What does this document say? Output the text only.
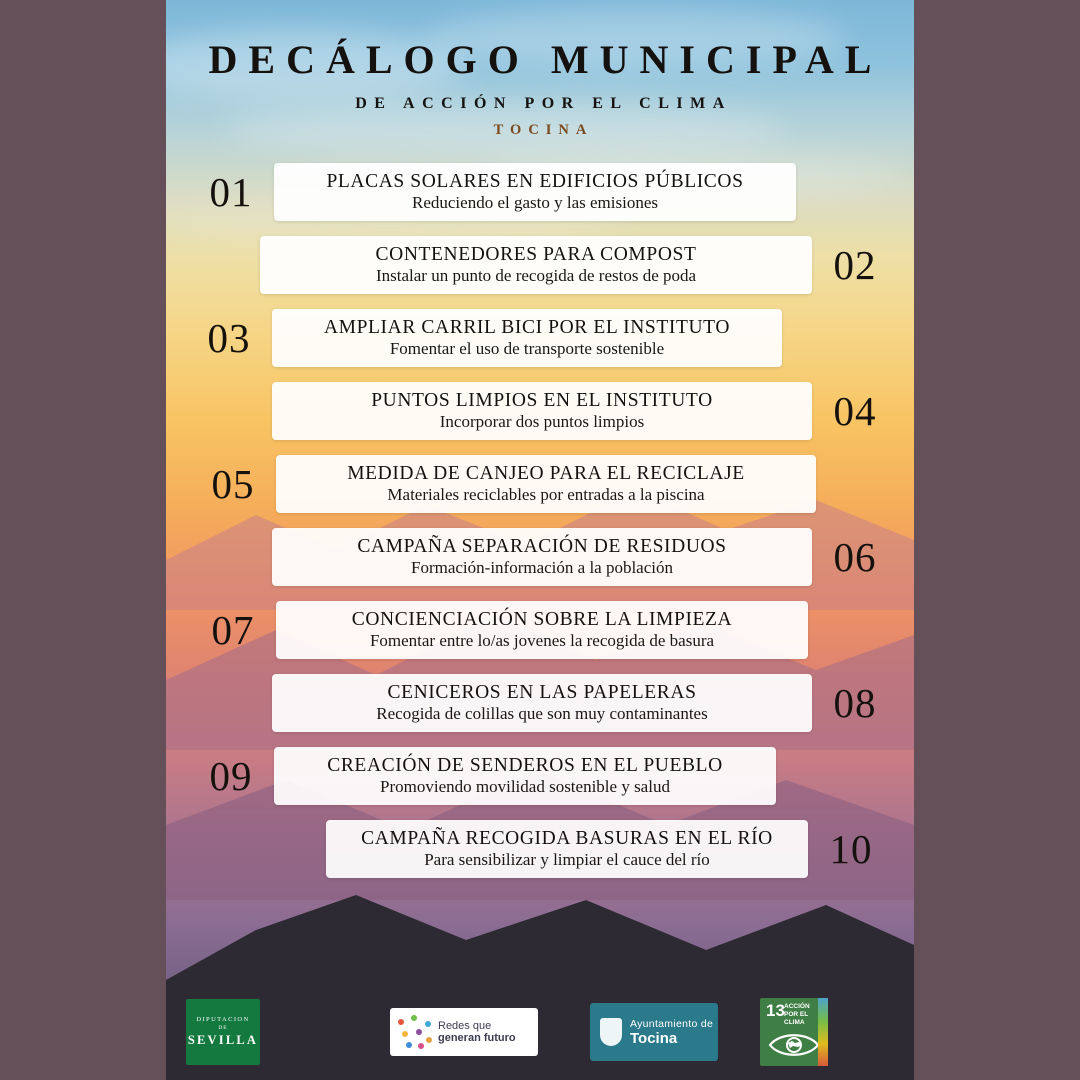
DECÁLOGO MUNICIPAL
DE ACCIÓN POR EL CLIMA
TOCINA
01	PLACAS SOLARES EN EDIFICIOS PÚBLICOS
Reduciendo el gasto y las emisiones
CONTENEDORES PARA COMPOST
Instalar un punto de recogida de restos de poda	02
03	AMPLIAR CARRIL BICI POR EL INSTITUTO
Fomentar el uso de transporte sostenible
PUNTOS LIMPIOS EN EL INSTITUTO
Incorporar dos puntos limpios	04
05	MEDIDA DE CANJEO PARA EL RECICLAJE
Materiales reciclables por entradas a la piscina
CAMPAÑA SEPARACIÓN DE RESIDUOS
Formación-información a la población	06
07	CONCIENCIACIÓN SOBRE LA LIMPIEZA
Fomentar entre lo/as jovenes la recogida de basura
CENICEROS EN LAS PAPELERAS
Recogida de colillas que son muy contaminantes	08
09	CREACIÓN DE SENDEROS EN EL PUEBLO
Promoviendo movilidad sostenible y salud
CAMPAÑA RECOGIDA BASURAS EN EL RÍO
Para sensibilizar y limpiar el cauce del río	10
DIPUTACION
DE
SEVILLA
Redes que
generan futuro
Ayuntamiento de
Tocina
13 ACCIÓN
POR EL CLIMA
